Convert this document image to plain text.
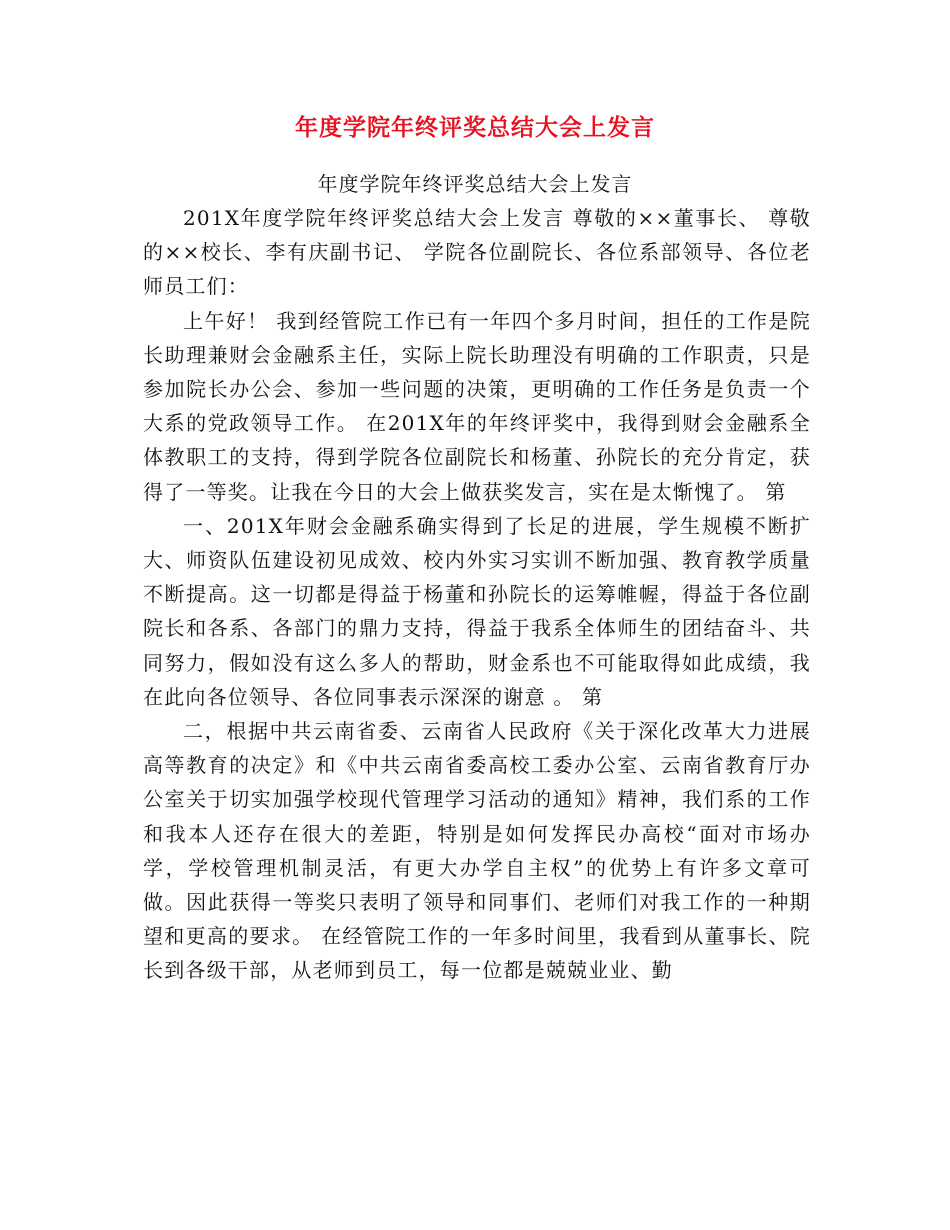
年度学院年终评奖总结大会上发言

年度学院年终评奖总结大会上发言

201X年度学院年终评奖总结大会上发言 尊敬的××董事长、 尊敬的××校长、李有庆副书记、 学院各位副院长、各位系部领导、各位老师员工们：

上午好！ 我到经管院工作已有一年四个多月时间，担任的工作是院长助理兼财会金融系主任，实际上院长助理没有明确的工作职责，只是参加院长办公会、参加一些问题的决策，更明确的工作任务是负责一个大系的党政领导工作。 在201X年的年终评奖中，我得到财会金融系全体教职工的支持，得到学院各位副院长和杨董、孙院长的充分肯定，获得了一等奖。让我在今日的大会上做获奖发言，实在是太惭愧了。 第

一、201X年财会金融系确实得到了长足的进展，学生规模不断扩大、师资队伍建设初见成效、校内外实习实训不断加强、教育教学质量不断提高。这一切都是得益于杨董和孙院长的运筹帷幄，得益于各位副院长和各系、各部门的鼎力支持，得益于我系全体师生的团结奋斗、共同努力，假如没有这么多人的帮助，财金系也不可能取得如此成绩，我在此向各位领导、各位同事表示深深的谢意 。 第

二，根据中共云南省委、云南省人民政府《关于深化改革大力进展高等教育的决定》和《中共云南省委高校工委办公室、云南省教育厅办公室关于切实加强学校现代管理学习活动的通知》精神，我们系的工作和我本人还存在很大的差距，特别是如何发挥民办高校“面对市场办学，学校管理机制灵活，有更大办学自主权”的优势上有许多文章可做。因此获得一等奖只表明了领导和同事们、老师们对我工作的一种期望和更高的要求。 在经管院工作的一年多时间里，我看到从董事长、院长到各级干部，从老师到员工，每一位都是兢兢业业、勤
